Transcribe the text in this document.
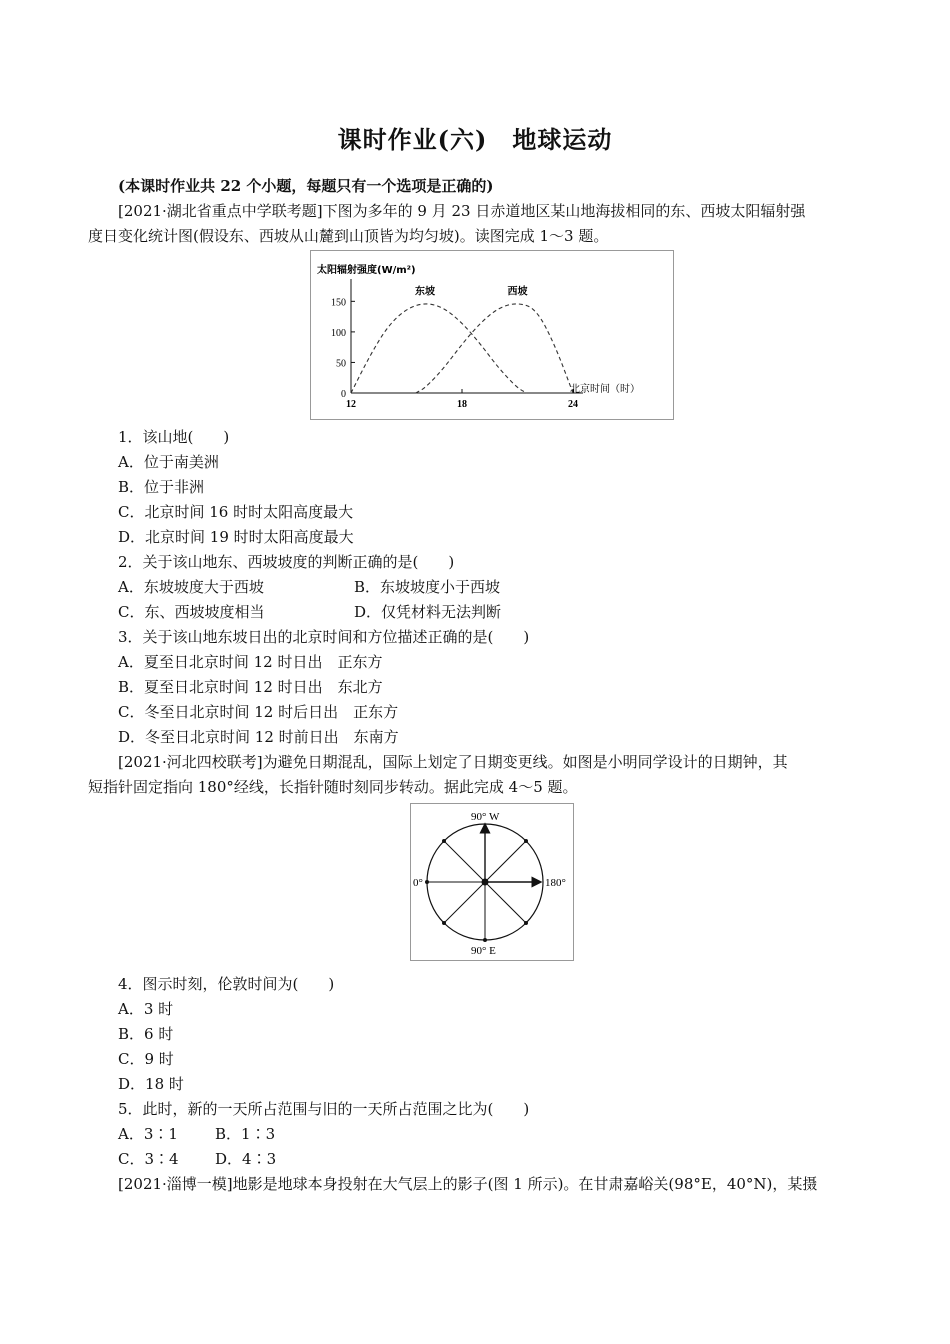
课时作业(六)　地球运动
(本课时作业共 22 个小题，每题只有一个选项是正确的)
[2021·湖北省重点中学联考题]下图为多年的 9 月 23 日赤道地区某山地海拔相同的东、西坡太阳辐射强
度日变化统计图(假设东、西坡从山麓到山顶皆为均匀坡)。读图完成 1～3 题。
太阳辐射强度(W/m²)
0
50
100
150
12	18	24
北京时间（时）
东坡	西坡
1．该山地(　　)
A．位于南美洲
B．位于非洲
C．北京时间 16 时时太阳高度最大
D．北京时间 19 时时太阳高度最大
2．关于该山地东、西坡坡度的判断正确的是(　　)
A．东坡坡度大于西坡	B．东坡坡度小于西坡
C．东、西坡坡度相当	D．仅凭材料无法判断
3．关于该山地东坡日出的北京时间和方位描述正确的是(　　)
A．夏至日北京时间 12 时日出　正东方
B．夏至日北京时间 12 时日出　东北方
C．冬至日北京时间 12 时后日出　正东方
D．冬至日北京时间 12 时前日出　东南方
[2021·河北四校联考]为避免日期混乱，国际上划定了日期变更线。如图是小明同学设计的日期钟，其
短指针固定指向 180°经线，长指针随时刻同步转动。据此完成 4～5 题。
90° W
0°	180°
90° E
4．图示时刻，伦敦时间为(　　)
A．3 时
B．6 时
C．9 时
D．18 时
5．此时，新的一天所占范围与旧的一天所占范围之比为(　　)
A．3∶1 B．1∶3
C．3∶4 D．4∶3
[2021·淄博一模]地影是地球本身投射在大气层上的影子(图 1 所示)。在甘肃嘉峪关(98°E，40°N)，某摄
